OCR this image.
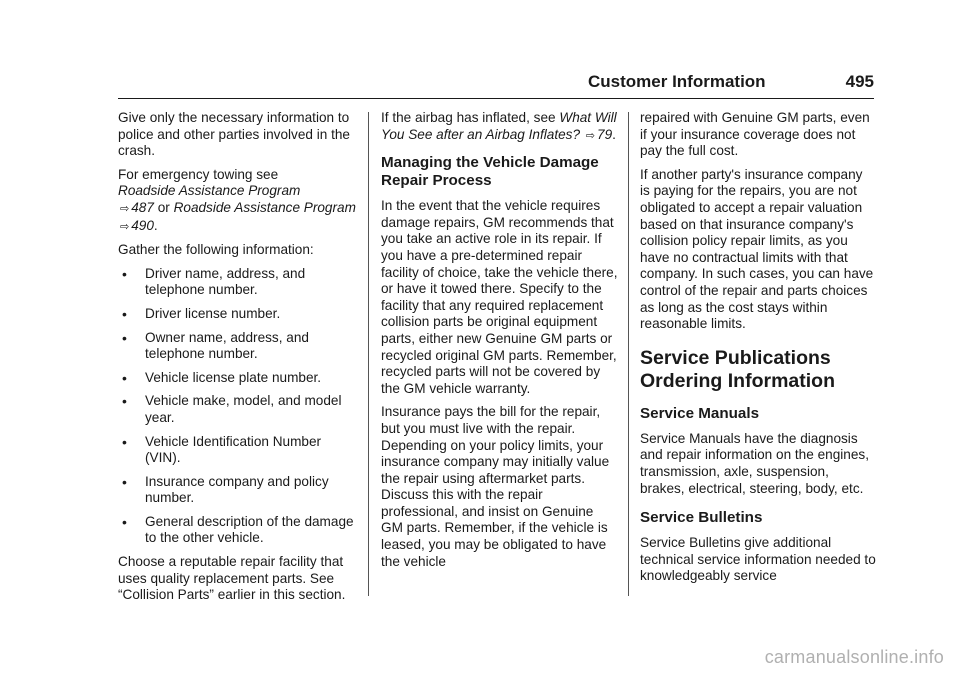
Customer Information	495

Give only the necessary information to police and other parties involved in the crash.

For emergency towing see
Roadside Assistance Program
⇨ 487 or Roadside Assistance Program ⇨ 490.

Gather the following information:

• Driver name, address, and telephone number.
• Driver license number.
• Owner name, address, and telephone number.
• Vehicle license plate number.
• Vehicle make, model, and model year.
• Vehicle Identification Number (VIN).
• Insurance company and policy number.
• General description of the damage to the other vehicle.

Choose a reputable repair facility that uses quality replacement parts. See “Collision Parts” earlier in this section.

If the airbag has inflated, see What Will You See after an Airbag Inflates? ⇨ 79.

Managing the Vehicle Damage Repair Process

In the event that the vehicle requires damage repairs, GM recommends that you take an active role in its repair. If you have a pre-determined repair facility of choice, take the vehicle there, or have it towed there. Specify to the facility that any required replacement collision parts be original equipment parts, either new Genuine GM parts or recycled original GM parts. Remember, recycled parts will not be covered by the GM vehicle warranty.

Insurance pays the bill for the repair, but you must live with the repair. Depending on your policy limits, your insurance company may initially value the repair using aftermarket parts. Discuss this with the repair professional, and insist on Genuine GM parts. Remember, if the vehicle is leased, you may be obligated to have the vehicle

repaired with Genuine GM parts, even if your insurance coverage does not pay the full cost.

If another party's insurance company is paying for the repairs, you are not obligated to accept a repair valuation based on that insurance company's collision policy repair limits, as you have no contractual limits with that company. In such cases, you can have control of the repair and parts choices as long as the cost stays within reasonable limits.

Service Publications Ordering Information
Service Manuals

Service Manuals have the diagnosis and repair information on the engines, transmission, axle, suspension, brakes, electrical, steering, body, etc.

Service Bulletins

Service Bulletins give additional technical service information needed to knowledgeably service

carmanualsonline.info
